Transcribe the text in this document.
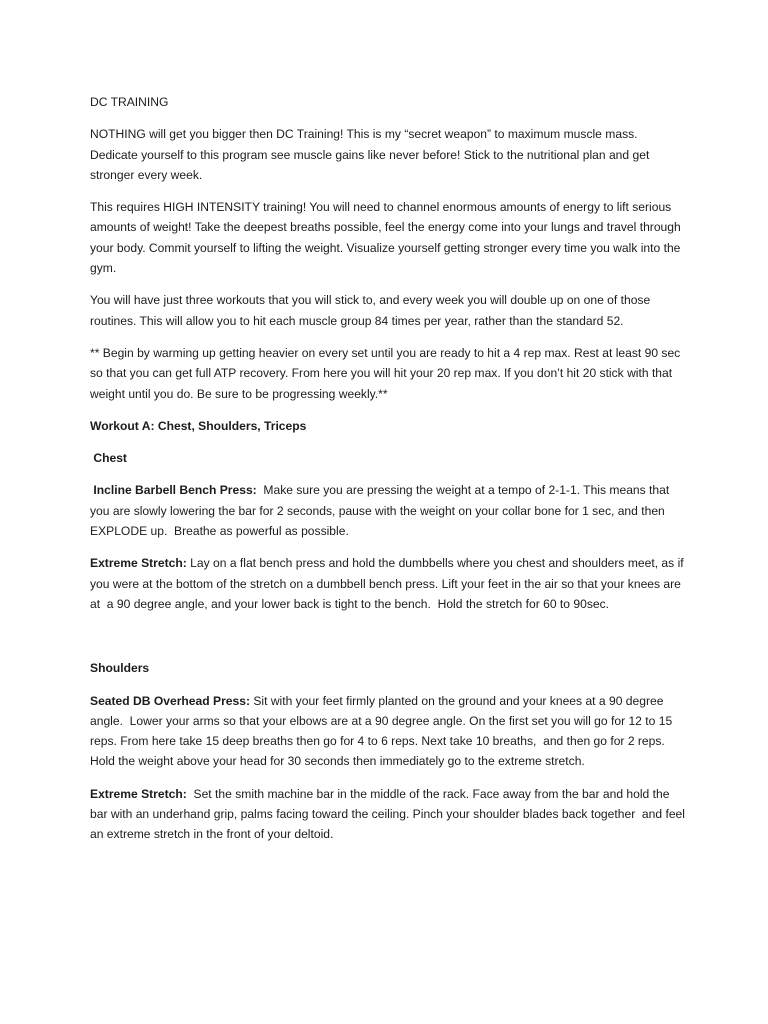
DC TRAINING

NOTHING will get you bigger then DC Training! This is my “secret weapon” to maximum muscle mass. Dedicate yourself to this program see muscle gains like never before! Stick to the nutritional plan and get stronger every week.

This requires HIGH INTENSITY training! You will need to channel enormous amounts of energy to lift serious amounts of weight! Take the deepest breaths possible, feel the energy come into your lungs and travel through your body. Commit yourself to lifting the weight. Visualize yourself getting stronger every time you walk into the gym.

You will have just three workouts that you will stick to, and every week you will double up on one of those routines. This will allow you to hit each muscle group 84 times per year, rather than the standard 52.

** Begin by warming up getting heavier on every set until you are ready to hit a 4 rep max. Rest at least 90 sec so that you can get full ATP recovery. From here you will hit your 20 rep max. If you don’t hit 20 stick with that weight until you do. Be sure to be progressing weekly.**

Workout A: Chest, Shoulders, Triceps

Chest

Incline Barbell Bench Press:  Make sure you are pressing the weight at a tempo of 2-1-1. This means that you are slowly lowering the bar for 2 seconds, pause with the weight on your collar bone for 1 sec, and then EXPLODE up.  Breathe as powerful as possible.

Extreme Stretch: Lay on a flat bench press and hold the dumbbells where you chest and shoulders meet, as if you were at the bottom of the stretch on a dumbbell bench press. Lift your feet in the air so that your knees are at  a 90 degree angle, and your lower back is tight to the bench.  Hold the stretch for 60 to 90sec.

Shoulders

Seated DB Overhead Press: Sit with your feet firmly planted on the ground and your knees at a 90 degree angle.  Lower your arms so that your elbows are at a 90 degree angle. On the first set you will go for 12 to 15 reps. From here take 15 deep breaths then go for 4 to 6 reps. Next take 10 breaths,  and then go for 2 reps. Hold the weight above your head for 30 seconds then immediately go to the extreme stretch.

Extreme Stretch:  Set the smith machine bar in the middle of the rack. Face away from the bar and hold the bar with an underhand grip, palms facing toward the ceiling. Pinch your shoulder blades back together  and feel an extreme stretch in the front of your deltoid.
